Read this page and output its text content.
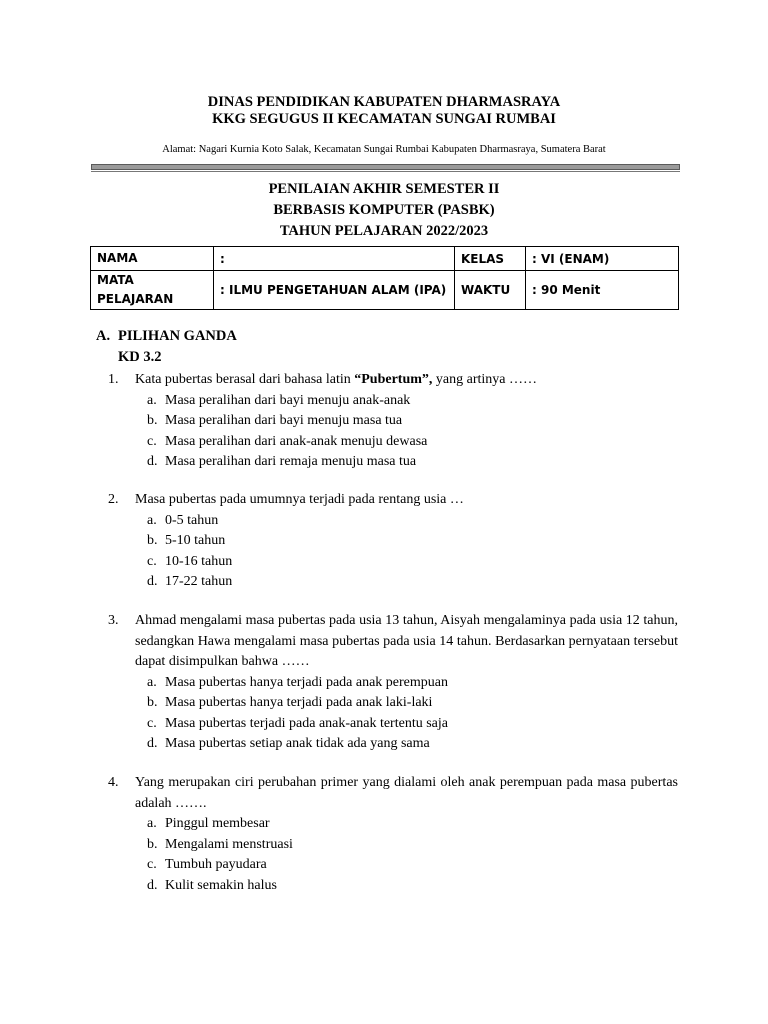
DINAS PENDIDIKAN KABUPATEN DHARMASRAYA
KKG SEGUGUS II KECAMATAN SUNGAI RUMBAI
Alamat: Nagari Kurnia Koto Salak, Kecamatan Sungai Rumbai Kabupaten Dharmasraya, Sumatera Barat
PENILAIAN AKHIR SEMESTER II
BERBASIS KOMPUTER (PASBK)
TAHUN PELAJARAN 2022/2023
NAMA	:	KELAS	: VI (ENAM)
MATA PELAJARAN	: ILMU PENGETAHUAN ALAM (IPA)	WAKTU	: 90 Menit
A. PILIHAN GANDA
KD 3.2
1. Kata pubertas berasal dari bahasa latin “Pubertum”, yang artinya ……
a. Masa peralihan dari bayi menuju anak-anak
b. Masa peralihan dari bayi menuju masa tua
c. Masa peralihan dari anak-anak menuju dewasa
d. Masa peralihan dari remaja menuju masa tua
2. Masa pubertas pada umumnya terjadi pada rentang usia …
a. 0-5 tahun
b. 5-10 tahun
c. 10-16 tahun
d. 17-22 tahun
3. Ahmad mengalami masa pubertas pada usia 13 tahun, Aisyah mengalaminya pada usia 12 tahun, sedangkan Hawa mengalami masa pubertas pada usia 14 tahun. Berdasarkan pernyataan tersebut dapat disimpulkan bahwa ……
a. Masa pubertas hanya terjadi pada anak perempuan
b. Masa pubertas hanya terjadi pada anak laki-laki
c. Masa pubertas terjadi pada anak-anak tertentu saja
d. Masa pubertas setiap anak tidak ada yang sama
4. Yang merupakan ciri perubahan primer yang dialami oleh anak perempuan pada masa pubertas adalah …….
a. Pinggul membesar
b. Mengalami menstruasi
c. Tumbuh payudara
d. Kulit semakin halus
